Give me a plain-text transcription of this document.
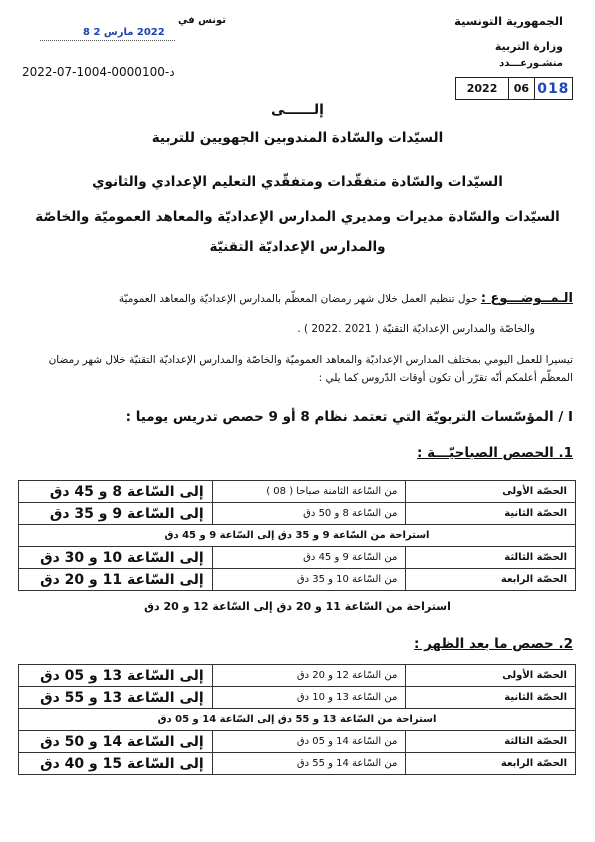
الجمهورية التونسية
وزارة التربية
منشـورعـــدد
2022	06 018
تونس في
2022 مارس 2 8
د-0000100-1004-07-2022
إلــــــى
السيّدات والسّادة المندوبين الجهويين للتربية
السيّدات والسّادة متفقّدات ومتفقّدي التعليم الإعدادي والثانوي
السيّدات والسّادة مديرات ومديري المدارس الإعداديّة والمعاهد العموميّة والخاصّة
والمدارس الإعداديّة التقنيّة
الـمــوضـــوع : حول تنظيم العمل خلال شهر رمضان المعظّم بالمدارس الإعداديّة والمعاهد العموميّة
والخاصّة والمدارس الإعداديّة التقنيّة ( 2021 .2022 ) .
تيسيرا للعمل اليومي بمختلف المدارس الإعداديّة والمعاهد العموميّة والخاصّة والمدارس الإعداديّة التقنيّة خلال شهر رمضان
المعظّم أعلمكم أنّه تقرّر أن تكون أوقات الدّروس كما يلي :
I / المؤسّسات التربويّة التي تعتمد نظام 8 أو 9 حصص تدريس يوميا :
1. الحصص الصباحيّـــة :
الحصّة الأولى	من السّاعة الثامنة صباحا ( 08 )	إلى السّاعة 8 و 45 دق
الحصّة الثانية	من السّاعة 8 و 50 دق	إلى السّاعة 9 و 35 دق
استراحة من السّاعة 9 و 35 دق إلى السّاعة 9 و 45 دق		
الحصّة الثالثة	من السّاعة 9 و 45 دق	إلى السّاعة 10 و 30 دق
الحصّة الرابعة	من السّاعة 10 و 35 دق	إلى السّاعة 11 و 20 دق
استراحة من السّاعة 11 و 20 دق إلى السّاعة 12 و 20 دق
2. حصص ما بعد الظهر :
الحصّة الأولى	من السّاعة 12 و 20 دق	إلى السّاعة 13 و 05 دق
الحصّة الثانية	من السّاعة 13 و 10 دق	إلى السّاعة 13 و 55 دق
استراحة من السّاعة 13 و 55 دق إلى السّاعة 14 و 05 دق		
الحصّة الثالثة	من السّاعة 14 و 05 دق	إلى السّاعة 14 و 50 دق
الحصّة الرابعة	من السّاعة 14 و 55 دق	إلى السّاعة 15 و 40 دق
